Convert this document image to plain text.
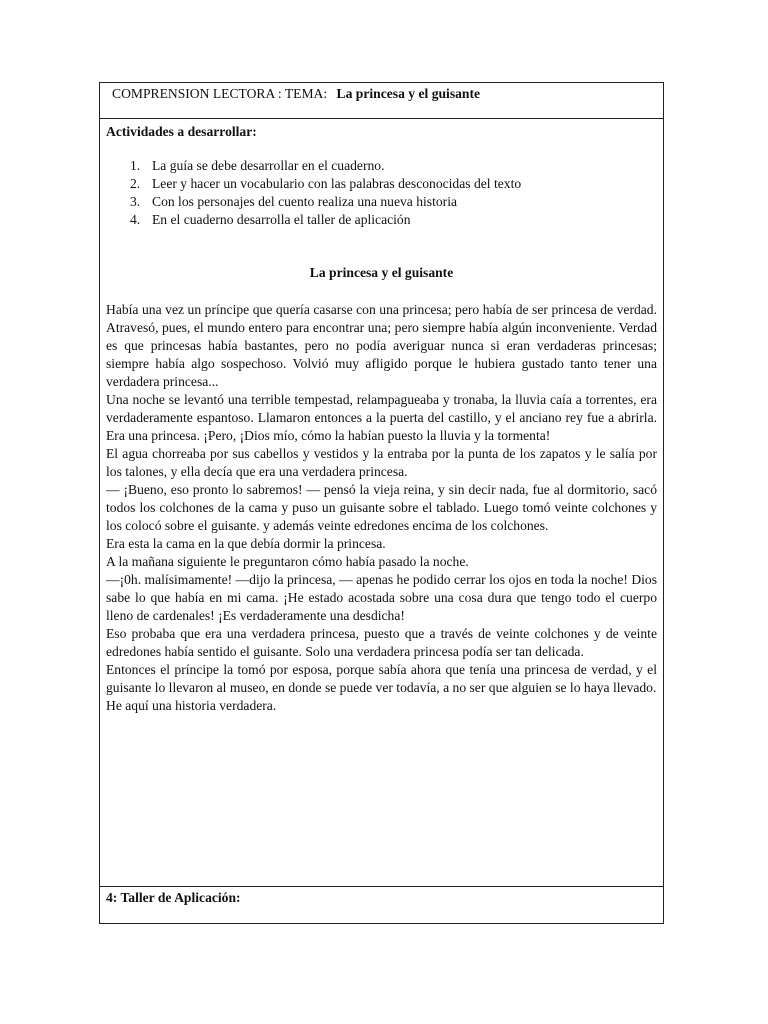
COMPRENSION LECTORA : TEMA: La princesa y el guisante

Actividades a desarrollar:

1. La guía se debe desarrollar en el cuaderno.
2. Leer y hacer un vocabulario con las palabras desconocidas del texto
3. Con los personajes del cuento realiza una nueva historia
4. En el cuaderno desarrolla el taller de aplicación

La princesa y el guisante

Había una vez un príncipe que quería casarse con una princesa; pero había de ser princesa de verdad. Atravesó, pues, el mundo entero para encontrar una; pero siempre había algún inconveniente. Verdad es que princesas había bastantes, pero no podía averiguar nunca si eran verdaderas princesas; siempre había algo sospechoso. Volvió muy afligido porque le hubiera gustado tanto tener una verdadera princesa...

Una noche se levantó una terrible tempestad, relampagueaba y tronaba, la lluvia caía a torrentes, era verdaderamente espantoso. Llamaron entonces a la puerta del castillo, y el anciano rey fue a abrirla. Era una princesa. ¡Pero, ¡Dios mío, cómo la habían puesto la lluvia y la tormenta!

El agua chorreaba por sus cabellos y vestidos y la entraba por la punta de los zapatos y le salía por los talones, y ella decía que era una verdadera princesa.

— ¡Bueno, eso pronto lo sabremos! — pensó la vieja reina, y sin decir nada, fue al dormitorio, sacó todos los colchones de la cama y puso un guisante sobre el tablado. Luego tomó veinte colchones y los colocó sobre el guisante. y además veinte edredones encima de los colchones.

Era esta la cama en la que debía dormir la princesa.

A la mañana siguiente le preguntaron cómo había pasado la noche.

—¡0h. malísimamente! —dijo la princesa, — apenas he podido cerrar los ojos en toda la noche! Dios sabe lo que había en mi cama. ¡He estado acostada sobre una cosa dura que tengo todo el cuerpo lleno de cardenales! ¡Es verdaderamente una desdicha!

Eso probaba que era una verdadera princesa, puesto que a través de veinte colchones y de veinte edredones había sentido el guisante. Solo una verdadera princesa podía ser tan delicada.

Entonces el príncipe la tomó por esposa, porque sabía ahora que tenía una princesa de verdad, y el guisante lo llevaron al museo, en donde se puede ver todavía, a no ser que alguien se lo haya llevado.

He aquí una historia verdadera.

4: Taller de Aplicación:
